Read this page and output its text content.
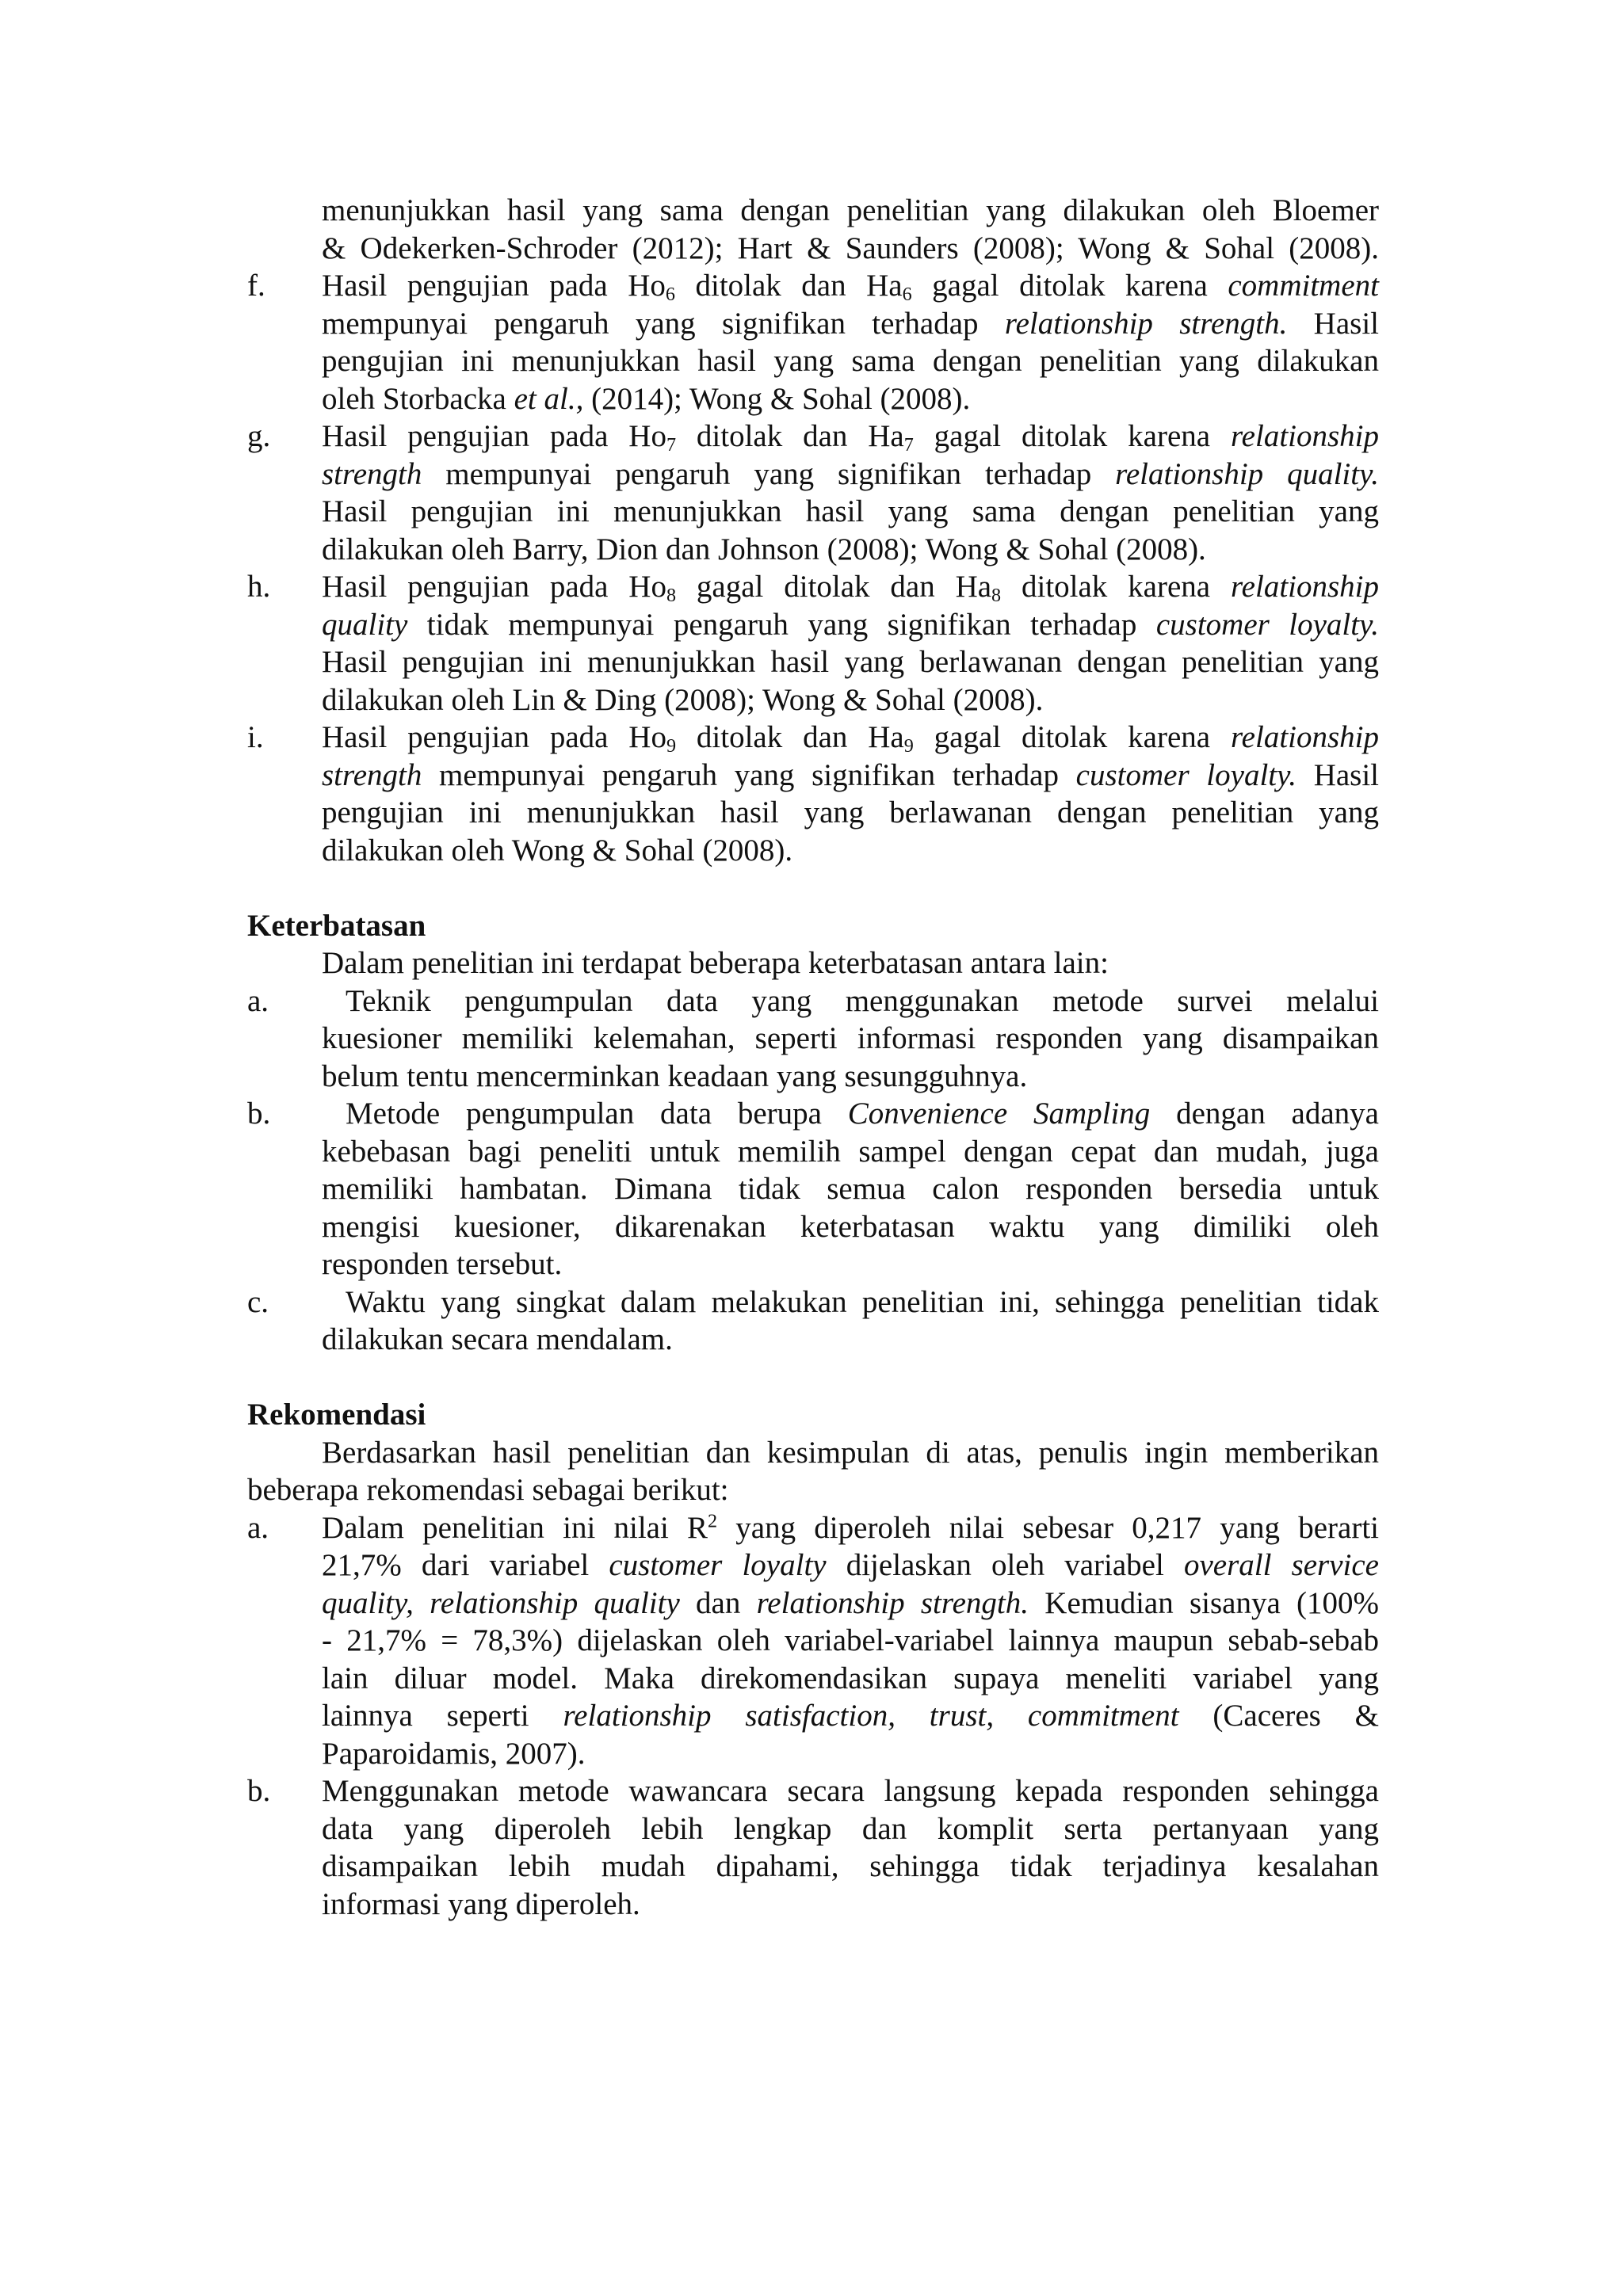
menunjukkan hasil yang sama dengan penelitian yang dilakukan oleh Bloemer
& Odekerken-Schroder (2012); Hart & Saunders (2008); Wong & Sohal (2008).
f. Hasil pengujian pada $Ho_6$ ditolak dan $Ha_6$ gagal ditolak karena commitment
mempunyai pengaruh yang signifikan terhadap relationship strength. Hasil
pengujian ini menunjukkan hasil yang sama dengan penelitian yang dilakukan
oleh Storbacka et al., (2014); Wong & Sohal (2008).
g. Hasil pengujian pada $Ho_7$ ditolak dan $Ha_7$ gagal ditolak karena relationship
strength mempunyai pengaruh yang signifikan terhadap relationship quality.
Hasil pengujian ini menunjukkan hasil yang sama dengan penelitian yang
dilakukan oleh Barry, Dion dan Johnson (2008); Wong & Sohal (2008).
h. Hasil pengujian pada $Ho_8$ gagal ditolak dan $Ha_8$ ditolak karena relationship
quality tidak mempunyai pengaruh yang signifikan terhadap customer loyalty.
Hasil pengujian ini menunjukkan hasil yang berlawanan dengan penelitian yang
dilakukan oleh Lin & Ding (2008); Wong & Sohal (2008).
i. Hasil pengujian pada $Ho_9$ ditolak dan $Ha_9$ gagal ditolak karena relationship
strength mempunyai pengaruh yang signifikan terhadap customer loyalty. Hasil
pengujian ini menunjukkan hasil yang berlawanan dengan penelitian yang
dilakukan oleh Wong & Sohal (2008).
Keterbatasan
Dalam penelitian ini terdapat beberapa keterbatasan antara lain:
a. Teknik pengumpulan data yang menggunakan metode survei melalui
kuesioner memiliki kelemahan, seperti informasi responden yang disampaikan
belum tentu mencerminkan keadaan yang sesungguhnya.
b. Metode pengumpulan data berupa Convenience Sampling dengan adanya
kebebasan bagi peneliti untuk memilih sampel dengan cepat dan mudah, juga
memiliki hambatan. Dimana tidak semua calon responden bersedia untuk
mengisi kuesioner, dikarenakan keterbatasan waktu yang dimiliki oleh
responden tersebut.
c. Waktu yang singkat dalam melakukan penelitian ini, sehingga penelitian tidak
dilakukan secara mendalam.
Rekomendasi
Berdasarkan hasil penelitian dan kesimpulan di atas, penulis ingin memberikan
beberapa rekomendasi sebagai berikut:
a. Dalam penelitian ini nilai $R^2$ yang diperoleh nilai sebesar 0,217 yang berarti
21,7% dari variabel customer loyalty dijelaskan oleh variabel overall service
quality, relationship quality dan relationship strength. Kemudian sisanya (100%
- 21,7% = 78,3%) dijelaskan oleh variabel-variabel lainnya maupun sebab-sebab
lain diluar model. Maka direkomendasikan supaya meneliti variabel yang
lainnya seperti relationship satisfaction, trust, commitment (Caceres &
Paparoidamis, 2007).
b. Menggunakan metode wawancara secara langsung kepada responden sehingga
data yang diperoleh lebih lengkap dan komplit serta pertanyaan yang
disampaikan lebih mudah dipahami, sehingga tidak terjadinya kesalahan
informasi yang diperoleh.
